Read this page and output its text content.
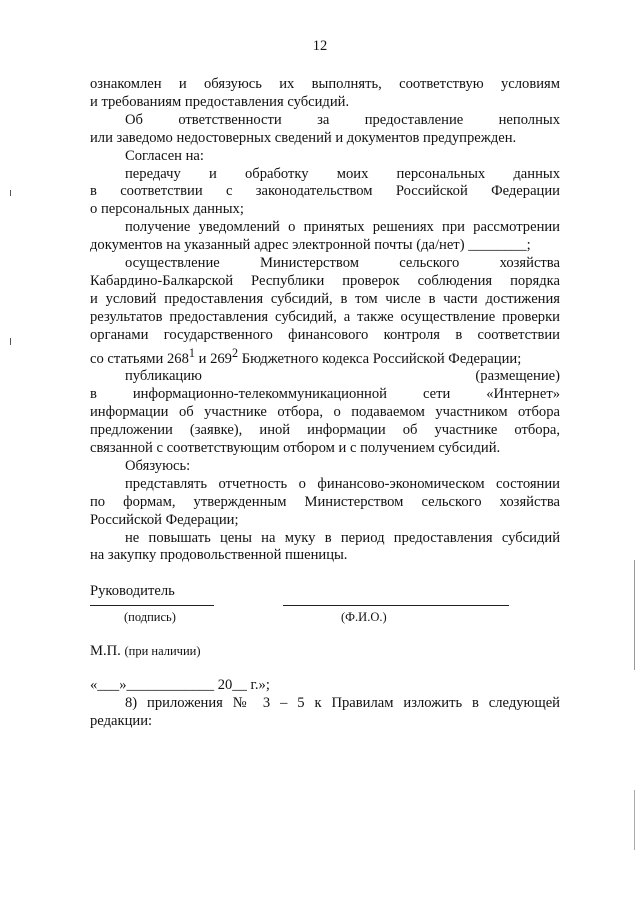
12

ознакомлен и обязуюсь их выполнять, соответствую условиям

и требованиям предоставления субсидий.

Об ответственности за предоставление неполных

или заведомо недостоверных сведений и документов предупрежден.

Согласен на:

передачу и обработку моих персональных данных

в соответствии с законодательством Российской Федерации

о персональных данных;

получение уведомлений о принятых решениях при рассмотрении

документов на указанный адрес электронной почты (да/нет) ________;

осуществление Министерством сельского хозяйства

Кабардино-Балкарской Республики проверок соблюдения порядка

и условий предоставления субсидий, в том числе в части достижения

результатов предоставления субсидий, а также осуществление проверки

органами государственного финансового контроля в соответствии

со статьями $268^1$ и $269^2$ Бюджетного кодекса Российской Федерации;

публикацию (размещение)

в информационно-телекоммуникационной сети «Интернет»

информации об участнике отбора, о подаваемом участником отбора

предложении (заявке), иной информации об участнике отбора,

связанной с соответствующим отбором и с получением субсидий.

Обязуюсь:

представлять отчетность о финансово-экономическом состоянии

по формам, утвержденным Министерством сельского хозяйства

Российской Федерации;

не повышать цены на муку в период предоставления субсидий

на закупку продовольственной пшеницы.

Руководитель

(подпись)	(Ф.И.О.)

М.П. (при наличии)

«___»____________ 20__ г.»;

8) приложения № 3 – 5 к Правилам изложить в следующей

редакции:
